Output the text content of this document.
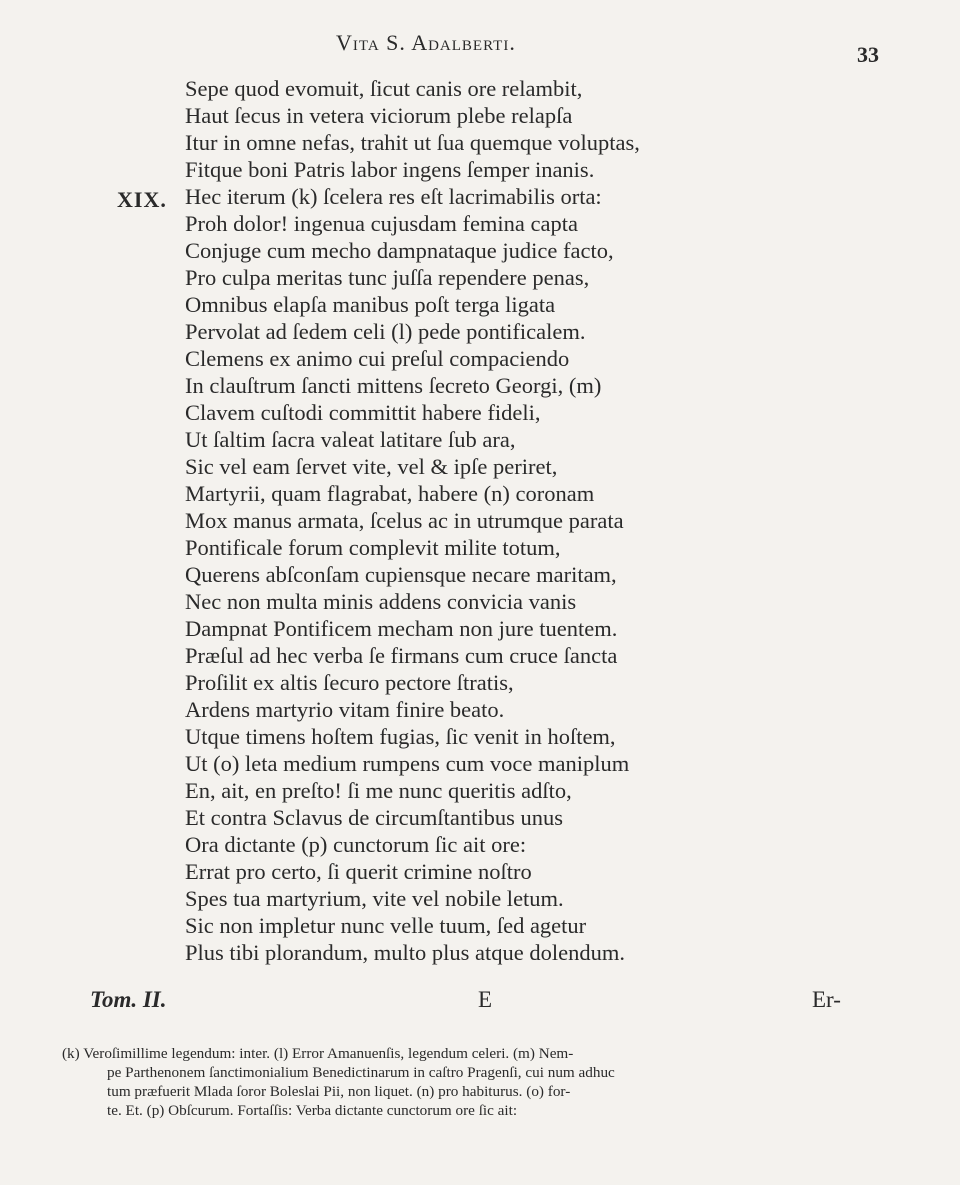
Vita S. Adalberti.	33
XIX.
Sepe quod evomuit, ſicut canis ore relambit,
Haut ſecus in vetera viciorum plebe relapſa
Itur in omne nefas, trahit ut ſua quemque voluptas,
Fitque boni Patris labor ingens ſemper inanis.
Hec iterum (k) ſcelera res eſt lacrimabilis orta:
Proh dolor! ingenua cujusdam femina capta
Conjuge cum mecho dampnataque judice facto,
Pro culpa meritas tunc juſſa rependere penas,
Omnibus elapſa manibus poſt terga ligata
Pervolat ad ſedem celi (l) pede pontificalem.
Clemens ex animo cui preſul compaciendo
In clauſtrum ſancti mittens ſecreto Georgi, (m)
Clavem cuſtodi committit habere fideli,
Ut ſaltim ſacra valeat latitare ſub ara,
Sic vel eam ſervet vite, vel & ipſe periret,
Martyrii, quam flagrabat, habere (n) coronam
Mox manus armata, ſcelus ac in utrumque parata
Pontificale forum complevit milite totum,
Querens abſconſam cupiensque necare maritam,
Nec non multa minis addens convicia vanis
Dampnat Pontificem mecham non jure tuentem.
Præſul ad hec verba ſe firmans cum cruce ſancta
Proſilit ex altis ſecuro pectore ſtratis,
Ardens martyrio vitam finire beato.
Utque timens hoſtem fugias, ſic venit in hoſtem,
Ut (o) leta medium rumpens cum voce maniplum
En, ait, en preſto! ſi me nunc queritis adſto,
Et contra Sclavus de circumſtantibus unus
Ora dictante (p) cunctorum ſic ait ore:
Errat pro certo, ſi querit crimine noſtro
Spes tua martyrium, vite vel nobile letum.
Sic non impletur nunc velle tuum, ſed agetur
Plus tibi plorandum, multo plus atque dolendum.
Tom. II.	E	Er-
(k) Veroſimillime legendum: inter. (l) Error Amanuenſis, legendum celeri. (m) Nem-
pe Parthenonem ſanctimonialium Benedictinarum in caſtro Pragenſi, cui num adhuc
tum præfuerit Mlada ſoror Boleslai Pii, non liquet. (n) pro habiturus. (o) for-
te. Et. (p) Obſcurum. Fortaſſis: Verba dictante cunctorum ore ſic ait:
